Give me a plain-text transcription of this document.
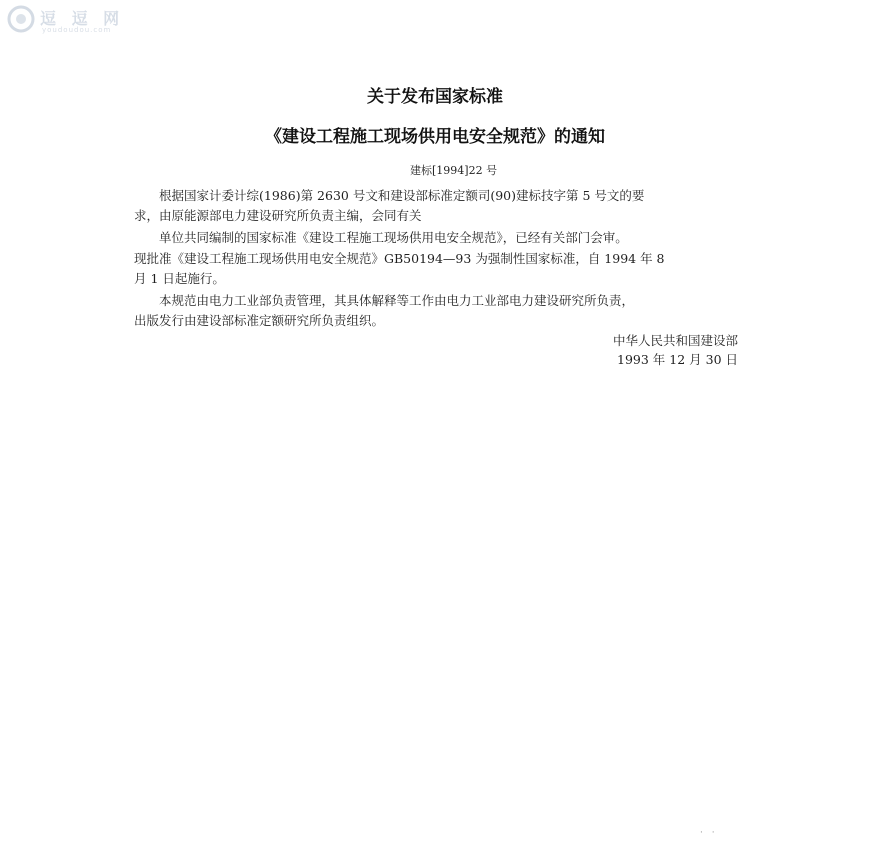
逗 逗 网
youdoudou.com
关于发布国家标准
《建设工程施工现场供用电安全规范》的通知
建标[1994]22 号
　　根据国家计委计综(1986)第 2630 号文和建设部标准定额司(90)建标技字第 5 号文的要
求，由原能源部电力建设研究所负责主编，会同有关
　　单位共同编制的国家标准《建设工程施工现场供用电安全规范》，已经有关部门会审。
现批准《建设工程施工现场供用电安全规范》GB50194—93 为强制性国家标准，自 1994 年 8
月 1 日起施行。
　　本规范由电力工业部负责管理，其具体解释等工作由电力工业部电力建设研究所负责，
出版发行由建设部标准定额研究所负责组织。
中华人民共和国建设部
1993 年 12 月 30 日
· ·
